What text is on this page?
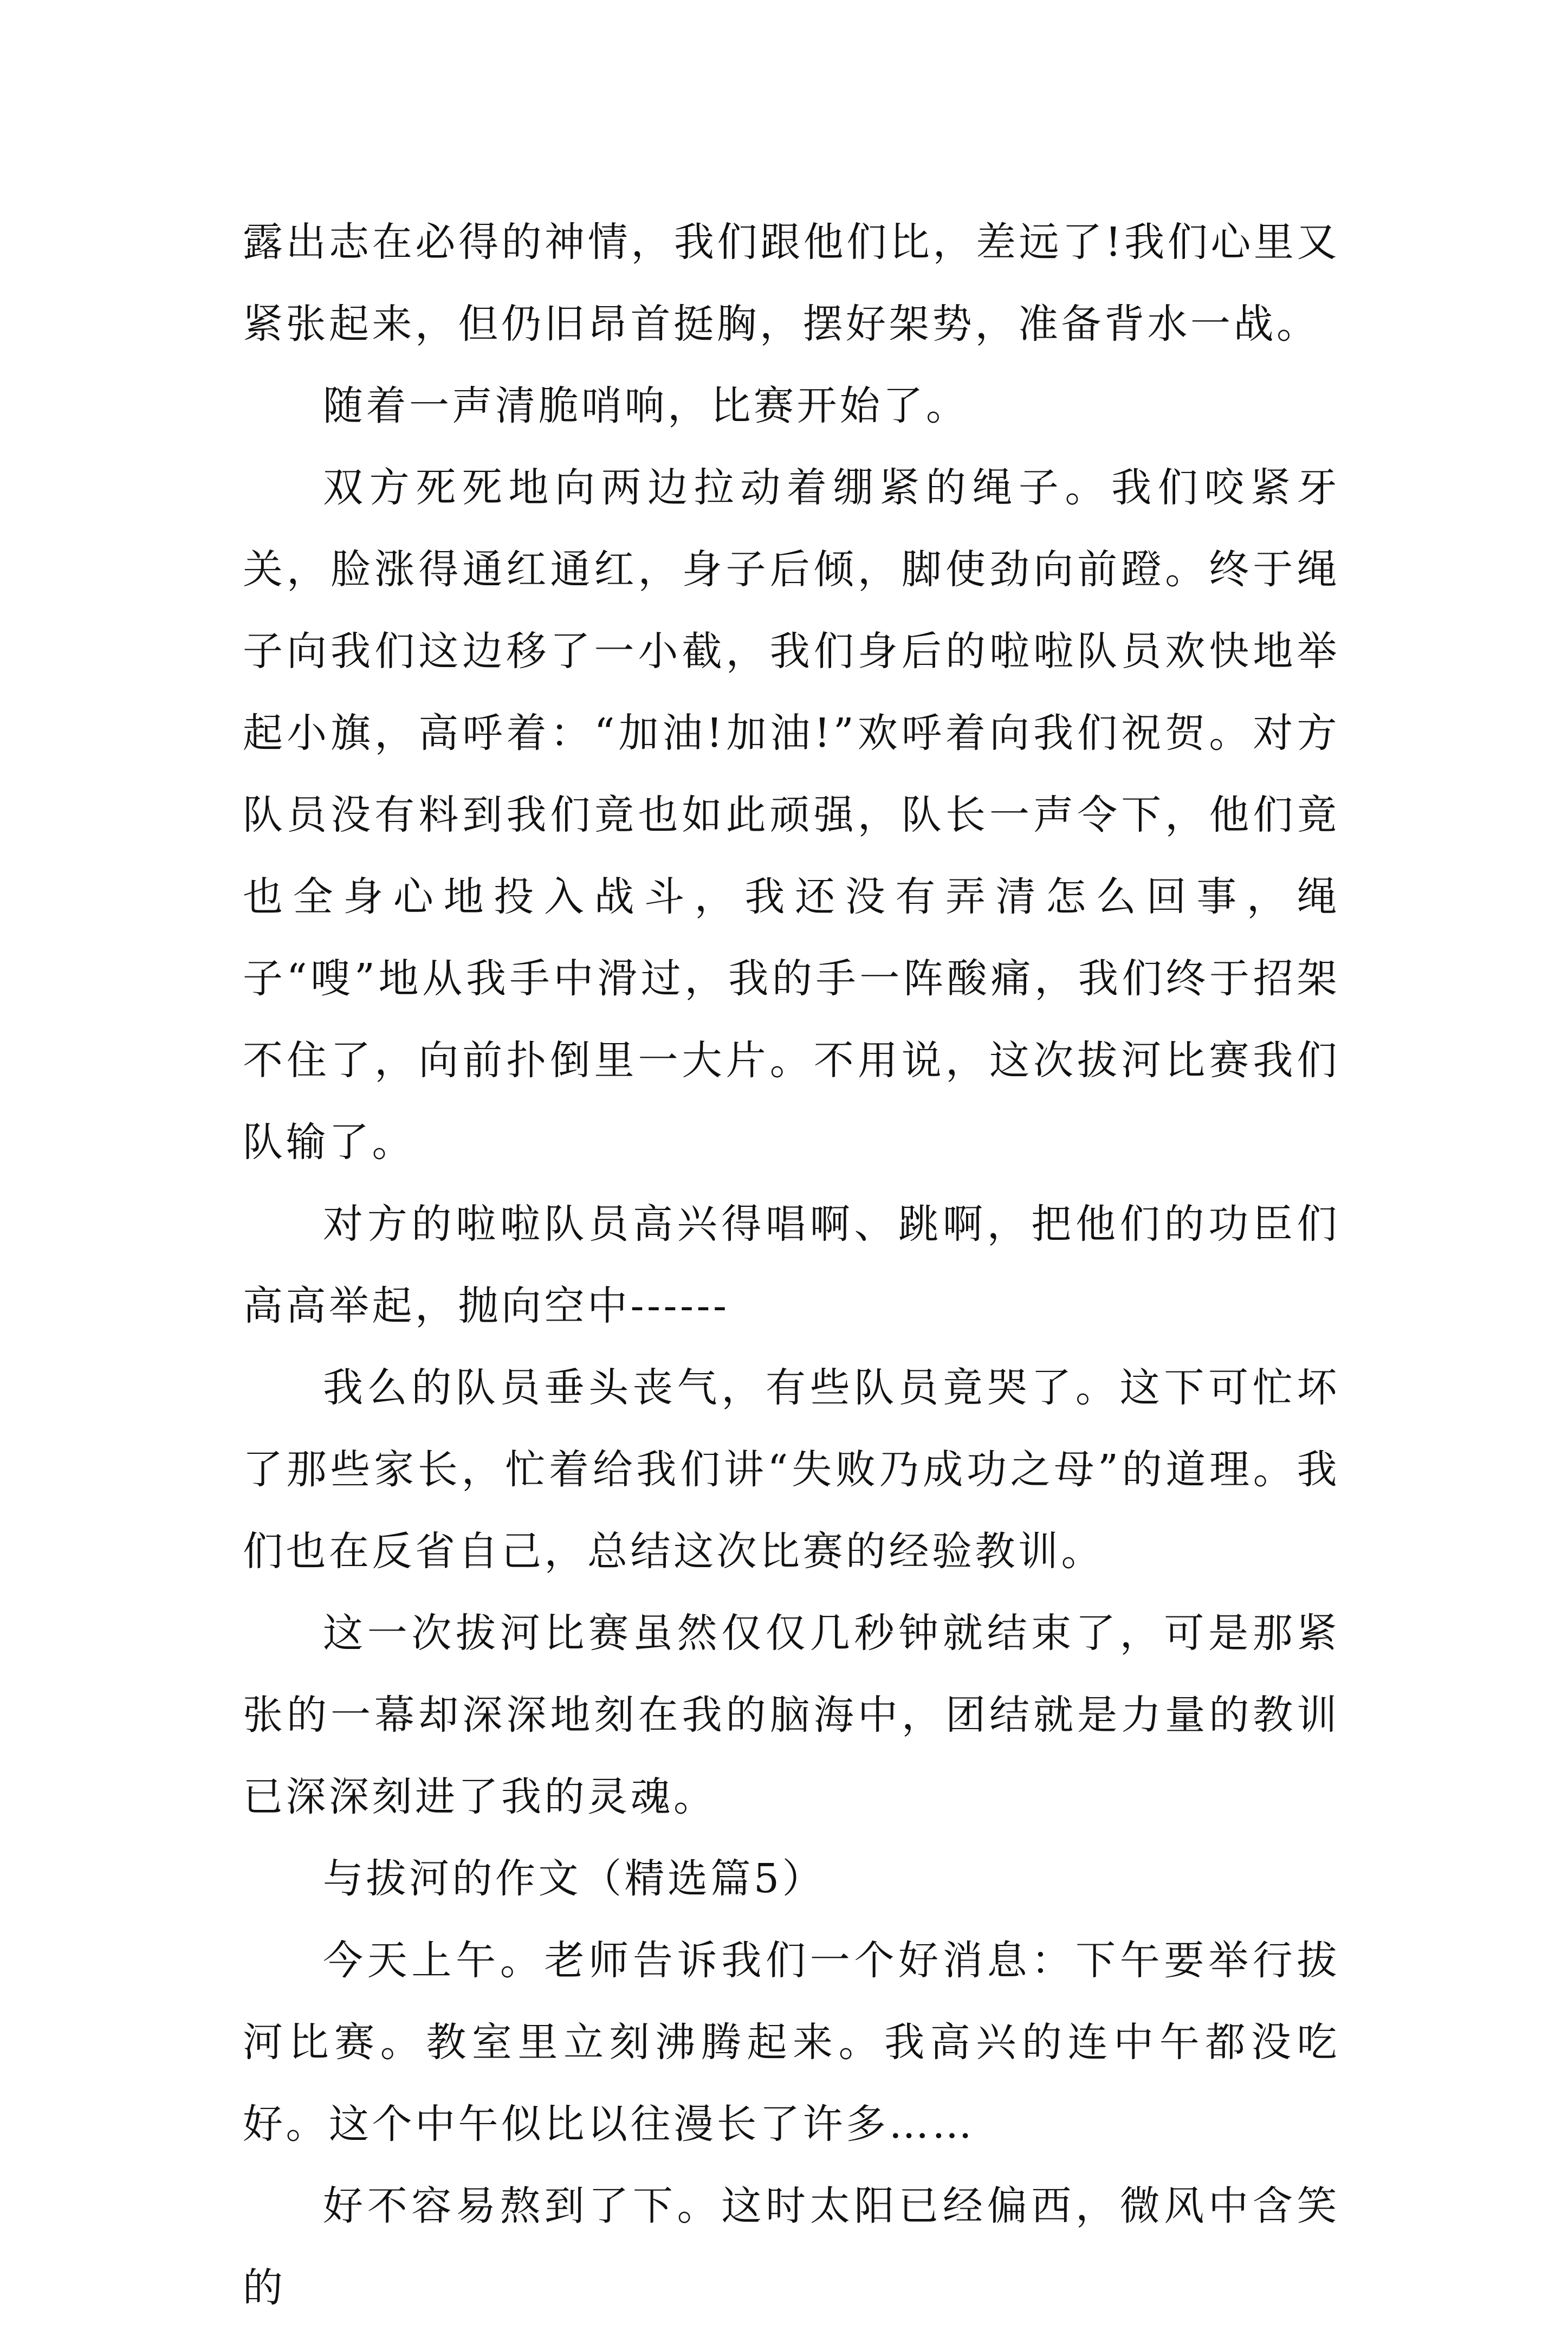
露出志在必得的神情，我们跟他们比，差远了!我们心里又紧张起来，但仍旧昂首挺胸，摆好架势，准备背水一战。

随着一声清脆哨响，比赛开始了。

双方死死地向两边拉动着绷紧的绳子。我们咬紧牙关，脸涨得通红通红，身子后倾，脚使劲向前蹬。终于绳子向我们这边移了一小截，我们身后的啦啦队员欢快地举起小旗，高呼着：“加油!加油!”欢呼着向我们祝贺。对方队员没有料到我们竟也如此顽强，队长一声令下，他们竟也全身心地投入战斗，我还没有弄清怎么回事，绳子“嗖”地从我手中滑过，我的手一阵酸痛，我们终于招架不住了，向前扑倒里一大片。不用说，这次拔河比赛我们队输了。

对方的啦啦队员高兴得唱啊、跳啊，把他们的功臣们高高举起，抛向空中------

我么的队员垂头丧气，有些队员竟哭了。这下可忙坏了那些家长，忙着给我们讲“失败乃成功之母”的道理。我们也在反省自己，总结这次比赛的经验教训。

这一次拔河比赛虽然仅仅几秒钟就结束了，可是那紧张的一幕却深深地刻在我的脑海中，团结就是力量的教训已深深刻进了我的灵魂。

与拔河的作文（精选篇5）

今天上午。老师告诉我们一个好消息：下午要举行拔河比赛。教室里立刻沸腾起来。我高兴的连中午都没吃好。这个中午似比以往漫长了许多……

好不容易熬到了下。这时太阳已经偏西，微风中含笑的
